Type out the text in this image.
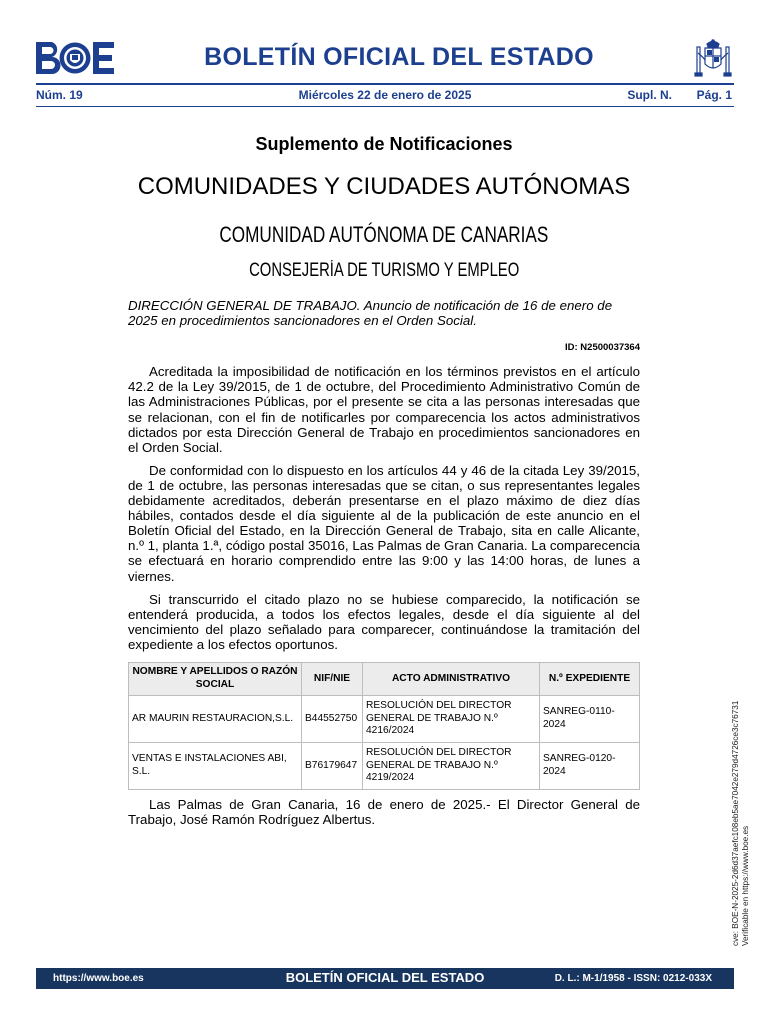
BOLETÍN OFICIAL DEL ESTADO
Núm. 19	Miércoles 22 de enero de 2025	Supl. N. Pág. 1
Suplemento de Notificaciones
COMUNIDADES Y CIUDADES AUTÓNOMAS
COMUNIDAD AUTÓNOMA DE CANARIAS
CONSEJERÍA DE TURISMO Y EMPLEO

DIRECCIÓN GENERAL DE TRABAJO. Anuncio de notificación de 16 de enero de 2025 en procedimientos sancionadores en el Orden Social.

ID: N2500037364

Acreditada la imposibilidad de notificación en los términos previstos en el artículo 42.2 de la Ley 39/2015, de 1 de octubre, del Procedimiento Administrativo Común de las Administraciones Públicas, por el presente se cita a las personas interesadas que se relacionan, con el fin de notificarles por comparecencia los actos administrativos dictados por esta Dirección General de Trabajo en procedimientos sancionadores en el Orden Social.

De conformidad con lo dispuesto en los artículos 44 y 46 de la citada Ley 39/2015, de 1 de octubre, las personas interesadas que se citan, o sus representantes legales debidamente acreditados, deberán presentarse en el plazo máximo de diez días hábiles, contados desde el día siguiente al de la publicación de este anuncio en el Boletín Oficial del Estado, en la Dirección General de Trabajo, sita en calle Alicante, n.º 1, planta 1.ª, código postal 35016, Las Palmas de Gran Canaria. La comparecencia se efectuará en horario comprendido entre las 9:00 y las 14:00 horas, de lunes a viernes.

Si transcurrido el citado plazo no se hubiese comparecido, la notificación se entenderá producida, a todos los efectos legales, desde el día siguiente al del vencimiento del plazo señalado para comparecer, continuándose la tramitación del expediente a los efectos oportunos.

NOMBRE Y APELLIDOS O RAZÓN SOCIAL	NIF/NIE	ACTO ADMINISTRATIVO	N.º EXPEDIENTE
AR MAURIN RESTAURACION,S.L.	B44552750	RESOLUCIÓN DEL DIRECTOR GENERAL DE TRABAJO N.º 4216/2024	SANREG-0110-2024
VENTAS E INSTALACIONES ABI, S.L.	B76179647	RESOLUCIÓN DEL DIRECTOR GENERAL DE TRABAJO N.º 4219/2024	SANREG-0120-2024

Las Palmas de Gran Canaria, 16 de enero de 2025.- El Director General de Trabajo, José Ramón Rodríguez Albertus.	cve: BOE-N-2025-2d6d37aefc108eb5ae7042e279d4726ce3c76731 Verificable en https://www.boe.es
https://www.boe.es	BOLETÍN OFICIAL DEL ESTADO	D. L.: M-1/1958 - ISSN: 0212-033X
